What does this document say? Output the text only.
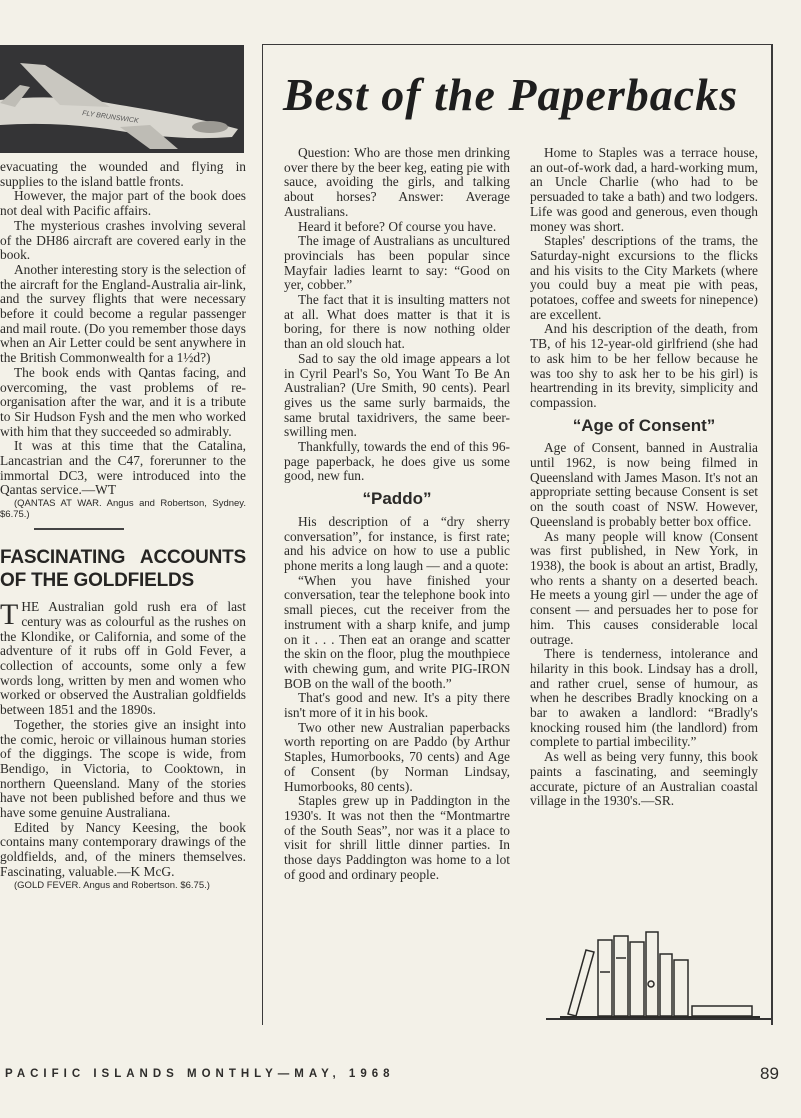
FLY BRUNSWICK

evacuating the wounded and flying in supplies to the island battle fronts.

However, the major part of the book does not deal with Pacific affairs.

The mysterious crashes involving several of the DH86 aircraft are covered early in the book.

Another interesting story is the selection of the aircraft for the England-Australia air-link, and the survey flights that were necessary before it could become a regular passenger and mail route. (Do you remember those days when an Air Letter could be sent anywhere in the British Commonwealth for a 1½d?)

The book ends with Qantas facing, and overcoming, the vast problems of re-organisation after the war, and it is a tribute to Sir Hudson Fysh and the men who worked with him that they succeeded so admirably.

It was at this time that the Catalina, Lancastrian and the C47, forerunner to the immortal DC3, were introduced into the Qantas service.—WT

(QANTAS AT WAR. Angus and Robertson, Sydney. $6.75.)

FASCINATING ACCOUNTS OF THE GOLDFIELDS

THE Australian gold rush era of last century was as colourful as the rushes on the Klondike, or California, and some of the adventure of it rubs off in Gold Fever, a collection of accounts, some only a few words long, written by men and women who worked or observed the Australian goldfields between 1851 and the 1890s.

Together, the stories give an insight into the comic, heroic or villainous human stories of the diggings. The scope is wide, from Bendigo, in Victoria, to Cooktown, in northern Queensland. Many of the stories have not been published before and thus we have some genuine Australiana.

Edited by Nancy Keesing, the book contains many contemporary drawings of the goldfields, and, of the miners themselves. Fascinating, valuable.—K McG.

(GOLD FEVER. Angus and Robertson. $6.75.)

Best of the Paperbacks

Question: Who are those men drinking over there by the beer keg, eating pie with sauce, avoiding the girls, and talking about horses? Answer: Average Australians.

Heard it before? Of course you have.

The image of Australians as uncultured provincials has been popular since Mayfair ladies learnt to say: “Good on yer, cobber.”

The fact that it is insulting matters not at all. What does matter is that it is boring, for there is now nothing older than an old slouch hat.

Sad to say the old image appears a lot in Cyril Pearl's So, You Want To Be An Australian? (Ure Smith, 90 cents). Pearl gives us the same surly barmaids, the same brutal taxidrivers, the same beer-swilling men.

Thankfully, towards the end of this 96-page paperback, he does give us some good, new fun.

“Paddo”

His description of a “dry sherry conversation”, for instance, is first rate; and his advice on how to use a public phone merits a long laugh — and a quote:

“When you have finished your conversation, tear the telephone book into small pieces, cut the receiver from the instrument with a sharp knife, and jump on it . . . Then eat an orange and scatter the skin on the floor, plug the mouthpiece with chewing gum, and write PIG-IRON BOB on the wall of the booth.”

That's good and new. It's a pity there isn't more of it in his book.

Two other new Australian paperbacks worth reporting on are Paddo (by Arthur Staples, Humorbooks, 70 cents) and Age of Consent (by Norman Lindsay, Humorbooks, 80 cents).

Staples grew up in Paddington in the 1930's. It was not then the “Montmartre of the South Seas”, nor was it a place to visit for shrill little dinner parties. In those days Paddington was home to a lot of good and ordinary people.

Home to Staples was a terrace house, an out-of-work dad, a hard-working mum, an Uncle Charlie (who had to be persuaded to take a bath) and two lodgers. Life was good and generous, even though money was short.

Staples' descriptions of the trams, the Saturday-night excursions to the flicks and his visits to the City Markets (where you could buy a meat pie with peas, potatoes, coffee and sweets for ninepence) are excellent.

And his description of the death, from TB, of his 12-year-old girlfriend (she had to ask him to be her fellow because he was too shy to ask her to be his girl) is heartrending in its brevity, simplicity and compassion.

“Age of Consent”

Age of Consent, banned in Australia until 1962, is now being filmed in Queensland with James Mason. It's not an appropriate setting because Consent is set on the south coast of NSW. However, Queensland is probably better box office.

As many people will know (Consent was first published, in New York, in 1938), the book is about an artist, Bradly, who rents a shanty on a deserted beach. He meets a young girl — under the age of consent — and persuades her to pose for him. This causes considerable local outrage.

There is tenderness, intolerance and hilarity in this book. Lindsay has a droll, and rather cruel, sense of humour, as when he describes Bradly knocking on a bar to awaken a landlord: “Bradly's knocking roused him (the landlord) from complete to partial imbecility.”

As well as being very funny, this book paints a fascinating, and seemingly accurate, picture of an Australian coastal village in the 1930's.—SR.

PACIFIC ISLANDS MONTHLY—MAY, 1968	89
